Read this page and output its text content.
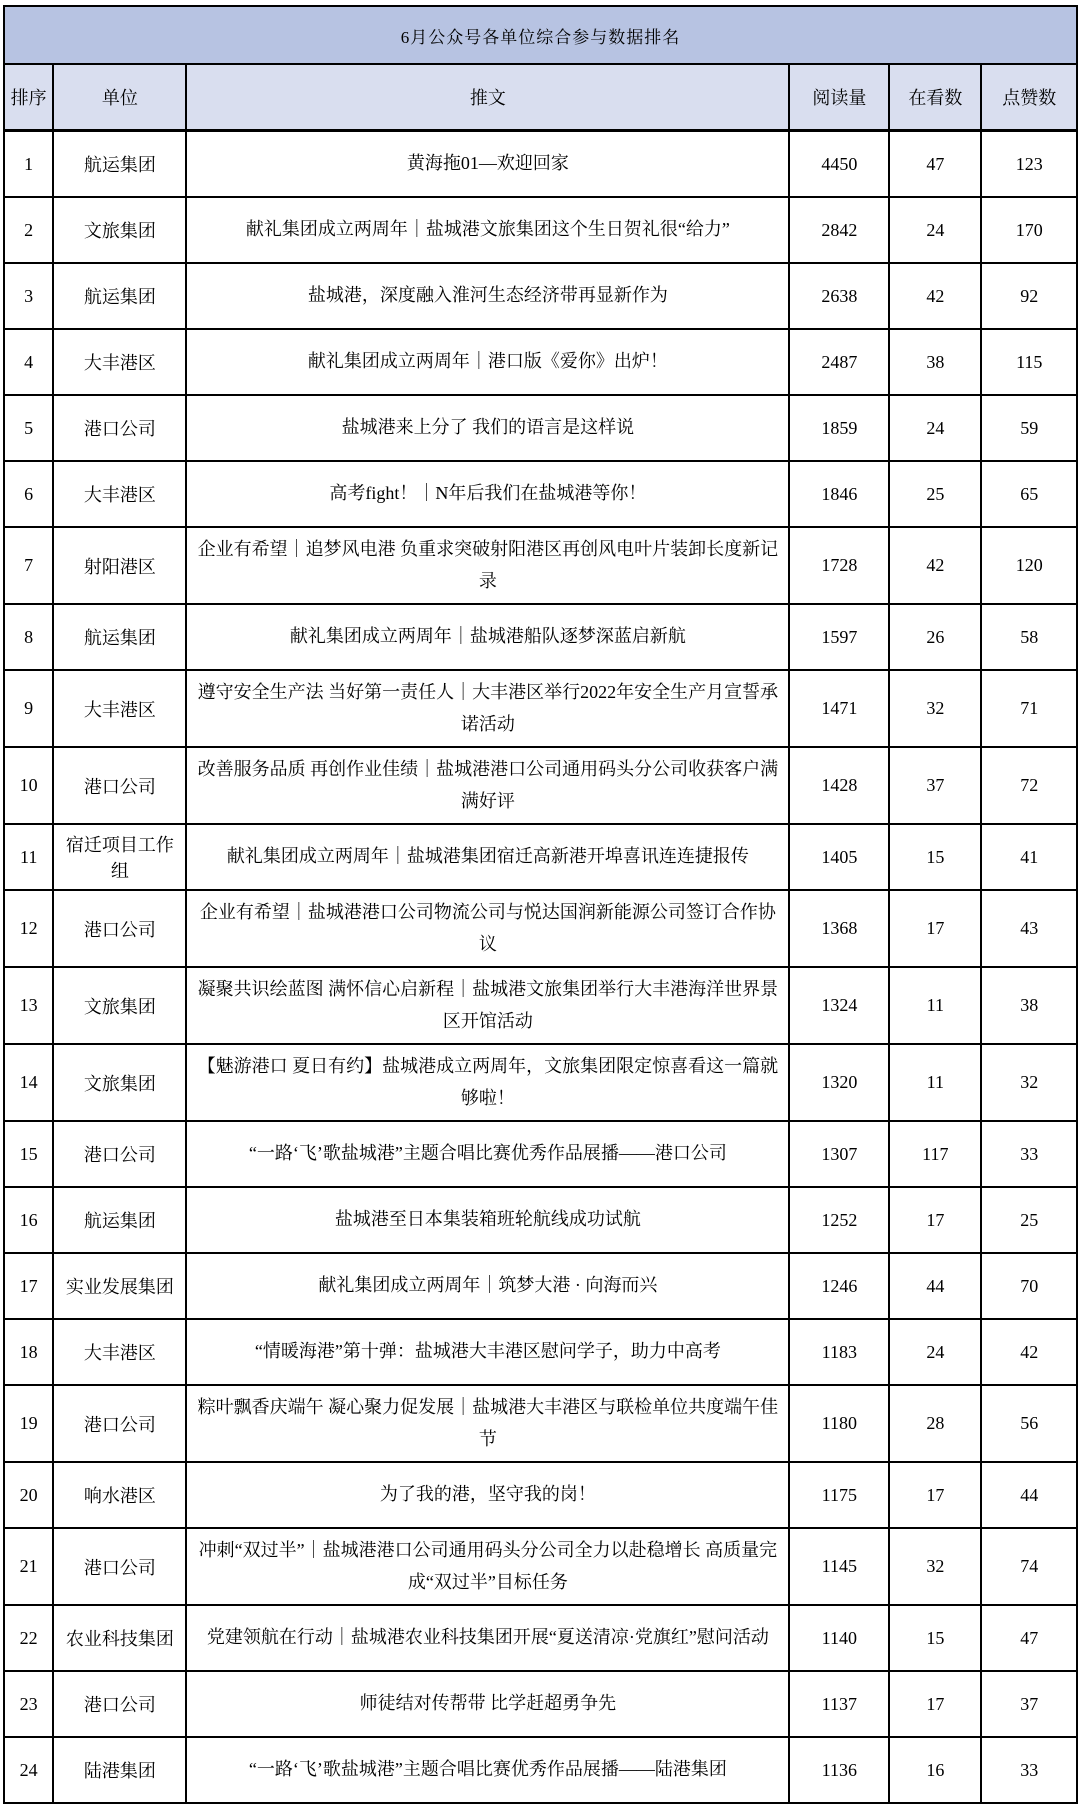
6月公众号各单位综合参与数据排名					
排序	单位	推文	阅读量	在看数	点赞数
1	航运集团	黄海拖01—欢迎回家	4450	47	123
2	文旅集团	献礼集团成立两周年｜盐城港文旅集团这个生日贺礼很“给力”	2842	24	170
3	航运集团	盐城港，深度融入淮河生态经济带再显新作为	2638	42	92
4	大丰港区	献礼集团成立两周年｜港口版《爱你》出炉！	2487	38	115
5	港口公司	盐城港来上分了 我们的语言是这样说	1859	24	59
6	大丰港区	高考fight！｜N年后我们在盐城港等你！	1846	25	65
7	射阳港区	企业有希望｜追梦风电港 负重求突破射阳港区再创风电叶片装卸长度新记录	1728	42	120
8	航运集团	献礼集团成立两周年｜盐城港船队逐梦深蓝启新航	1597	26	58
9	大丰港区	遵守安全生产法 当好第一责任人｜大丰港区举行2022年安全生产月宣誓承诺活动	1471	32	71
10	港口公司	改善服务品质 再创作业佳绩｜盐城港港口公司通用码头分公司收获客户满满好评	1428	37	72
11	宿迁项目工作组	献礼集团成立两周年｜盐城港集团宿迁高新港开埠喜讯连连捷报传	1405	15	41
12	港口公司	企业有希望｜盐城港港口公司物流公司与悦达国润新能源公司签订合作协议	1368	17	43
13	文旅集团	凝聚共识绘蓝图 满怀信心启新程｜盐城港文旅集团举行大丰港海洋世界景区开馆活动	1324	11	38
14	文旅集团	【魅游港口 夏日有约】盐城港成立两周年，文旅集团限定惊喜看这一篇就够啦！	1320	11	32
15	港口公司	“一路‘飞’歌盐城港”主题合唱比赛优秀作品展播——港口公司	1307	117	33
16	航运集团	盐城港至日本集装箱班轮航线成功试航	1252	17	25
17	实业发展集团	献礼集团成立两周年｜筑梦大港 · 向海而兴	1246	44	70
18	大丰港区	“情暖海港”第十弹：盐城港大丰港区慰问学子，助力中高考	1183	24	42
19	港口公司	粽叶飘香庆端午 凝心聚力促发展｜盐城港大丰港区与联检单位共度端午佳节	1180	28	56
20	响水港区	为了我的港，坚守我的岗！	1175	17	44
21	港口公司	冲刺“双过半”｜盐城港港口公司通用码头分公司全力以赴稳增长 高质量完成“双过半”目标任务	1145	32	74
22	农业科技集团	党建领航在行动｜盐城港农业科技集团开展“夏送清凉·党旗红”慰问活动	1140	15	47
23	港口公司	师徒结对传帮带 比学赶超勇争先	1137	17	37
24	陆港集团	“一路‘飞’歌盐城港”主题合唱比赛优秀作品展播——陆港集团	1136	16	33
